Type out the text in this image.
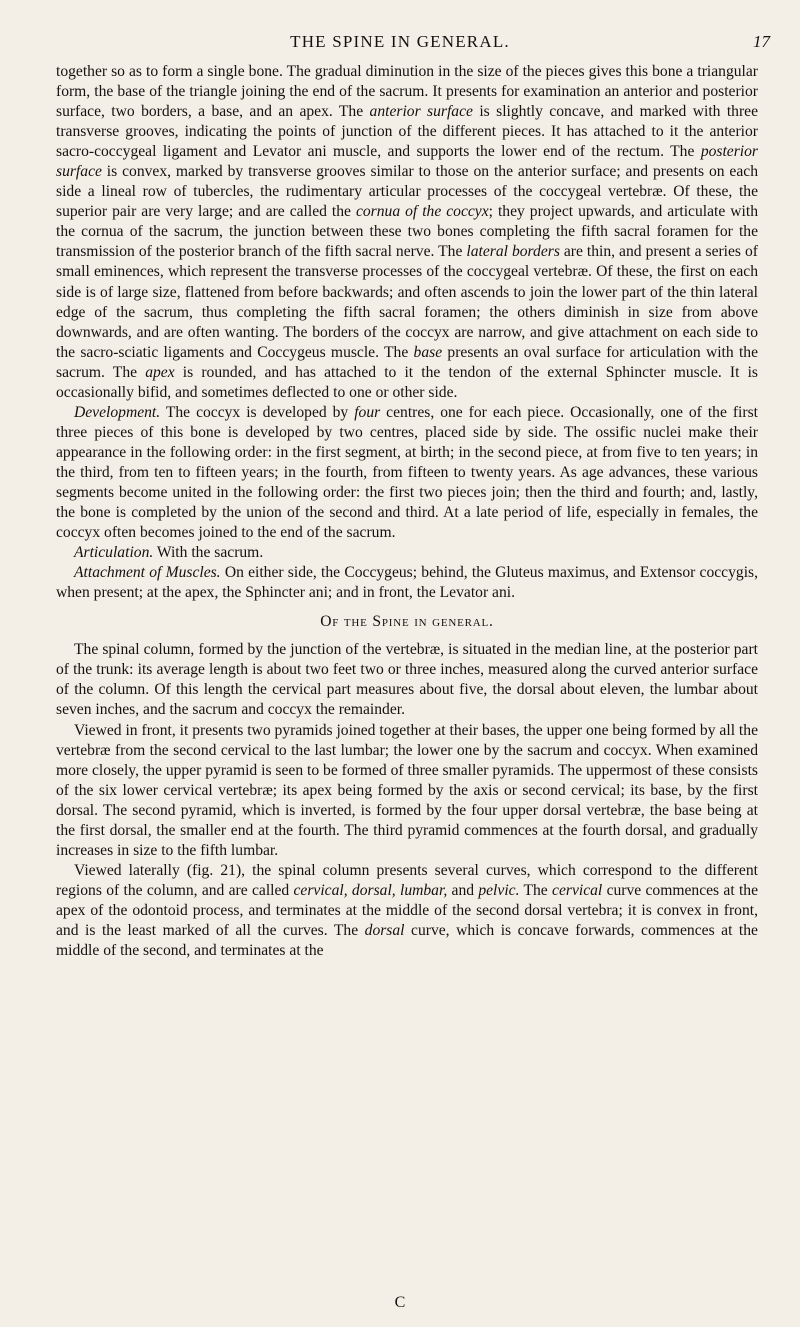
THE SPINE IN GENERAL.	17

together so as to form a single bone. The gradual diminution in the size of the pieces gives this bone a triangular form, the base of the triangle joining the end of the sacrum. It presents for examination an anterior and posterior surface, two borders, a base, and an apex. The anterior surface is slightly concave, and marked with three transverse grooves, indicating the points of junction of the different pieces. It has attached to it the anterior sacro-coccygeal ligament and Levator ani muscle, and supports the lower end of the rectum. The posterior surface is convex, marked by transverse grooves similar to those on the anterior surface; and presents on each side a lineal row of tubercles, the rudimentary articular processes of the coccygeal vertebræ. Of these, the superior pair are very large; and are called the cornua of the coccyx; they project upwards, and articulate with the cornua of the sacrum, the junction between these two bones completing the fifth sacral foramen for the transmission of the posterior branch of the fifth sacral nerve. The lateral borders are thin, and present a series of small eminences, which represent the transverse processes of the coccygeal vertebræ. Of these, the first on each side is of large size, flattened from before backwards; and often ascends to join the lower part of the thin lateral edge of the sacrum, thus completing the fifth sacral foramen; the others diminish in size from above downwards, and are often wanting. The borders of the coccyx are narrow, and give attachment on each side to the sacro-sciatic ligaments and Coccygeus muscle. The base presents an oval surface for articulation with the sacrum. The apex is rounded, and has attached to it the tendon of the external Sphincter muscle. It is occasionally bifid, and sometimes deflected to one or other side.

Development. The coccyx is developed by four centres, one for each piece. Occasionally, one of the first three pieces of this bone is developed by two centres, placed side by side. The ossific nuclei make their appearance in the following order: in the first segment, at birth; in the second piece, at from five to ten years; in the third, from ten to fifteen years; in the fourth, from fifteen to twenty years. As age advances, these various segments become united in the following order: the first two pieces join; then the third and fourth; and, lastly, the bone is completed by the union of the second and third. At a late period of life, especially in females, the coccyx often becomes joined to the end of the sacrum.

Articulation. With the sacrum.

Attachment of Muscles. On either side, the Coccygeus; behind, the Gluteus maximus, and Extensor coccygis, when present; at the apex, the Sphincter ani; and in front, the Levator ani.

Of the Spine in general.

The spinal column, formed by the junction of the vertebræ, is situated in the median line, at the posterior part of the trunk: its average length is about two feet two or three inches, measured along the curved anterior surface of the column. Of this length the cervical part measures about five, the dorsal about eleven, the lumbar about seven inches, and the sacrum and coccyx the remainder.

Viewed in front, it presents two pyramids joined together at their bases, the upper one being formed by all the vertebræ from the second cervical to the last lumbar; the lower one by the sacrum and coccyx. When examined more closely, the upper pyramid is seen to be formed of three smaller pyramids. The uppermost of these consists of the six lower cervical vertebræ; its apex being formed by the axis or second cervical; its base, by the first dorsal. The second pyramid, which is inverted, is formed by the four upper dorsal vertebræ, the base being at the first dorsal, the smaller end at the fourth. The third pyramid commences at the fourth dorsal, and gradually increases in size to the fifth lumbar.

Viewed laterally (fig. 21), the spinal column presents several curves, which correspond to the different regions of the column, and are called cervical, dorsal, lumbar, and pelvic. The cervical curve commences at the apex of the odontoid process, and terminates at the middle of the second dorsal vertebra; it is convex in front, and is the least marked of all the curves. The dorsal curve, which is concave forwards, commences at the middle of the second, and terminates at the

C
